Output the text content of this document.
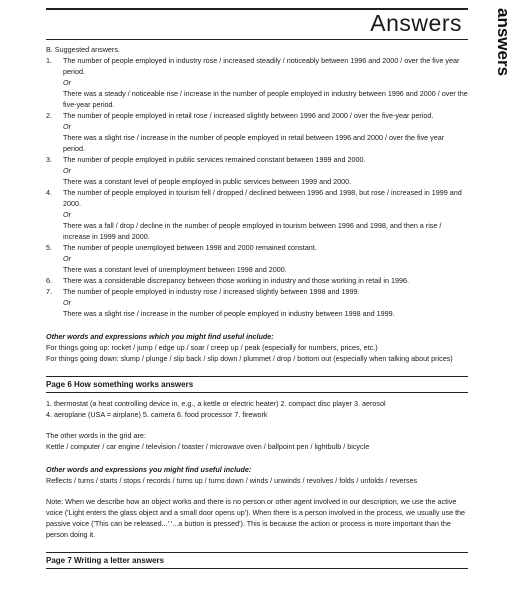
Answers	answers
B. Suggested answers.
1. The number of people employed in industry rose / increased steadily / noticeably between 1996 and 2000 / over the five year period.
Or
There was a steady / noticeable rise / increase in the number of people employed in industry between 1996 and 2000 / over the five-year period.
2. The number of people employed in retail rose / increased slightly between 1996 and 2000 / over the five-year period.
Or
There was a slight rise / increase in the number of people employed in retail between 1996 and 2000 / over the five year period.
3. The number of people employed in public services remained constant between 1999 and 2000.
Or
There was a constant level of people employed in public services between 1999 and 2000.
4. The number of people employed in tourism fell / dropped / declined between 1996 and 1998, but rose / increased in 1999 and 2000.
Or
There was a fall / drop / decline in the number of people employed in tourism between 1996 and 1998, and then a rise / increase in 1999 and 2000.
5. The number of people unemployed between 1998 and 2000 remained constant.
Or
There was a constant level of unemployment between 1998 and 2000.
6. There was a considerable discrepancy between those working in industry and those working in retail in 1996.
7. The number of people employed in industry rose / increased slightly between 1998 and 1999.
Or
There was a slight rise / increase in the number of people employed in industry between 1998 and 1999.
Other words and expressions which you might find useful include:

For things going up: rocket / jump / edge up / soar / creep up / peak (especially for numbers, prices, etc.)

For things going down: slump / plunge / slip back / slip down / plummet / drop / bottom out (especially when talking about prices)

Page 6 How something works answers

1. thermostat (a heat controlling device in, e.g., a kettle or electric heater) 2. compact disc player 3. aerosol

4. aeroplane (USA = airplane) 5. camera 6. food processor 7. firework

The other words in the grid are:

Kettle / computer / car engine / television / toaster / microwave oven / ballpoint pen / lightbulb / bicycle

Other words and expressions you might find useful include:

Reflects / turns / starts / stops / records / turns up / turns down / winds / unwinds / revolves / folds / unfolds / reverses

Note: When we describe how an object works and there is no person or other agent involved in our description, we use the active voice ('Light enters the glass object and a small door opens up'). When there is a person involved in the process, we usually use the passive voice ('This can be released...' '...a button is pressed'). This is because the action or process is more important than the person doing it.

Page 7 Writing a letter answers
